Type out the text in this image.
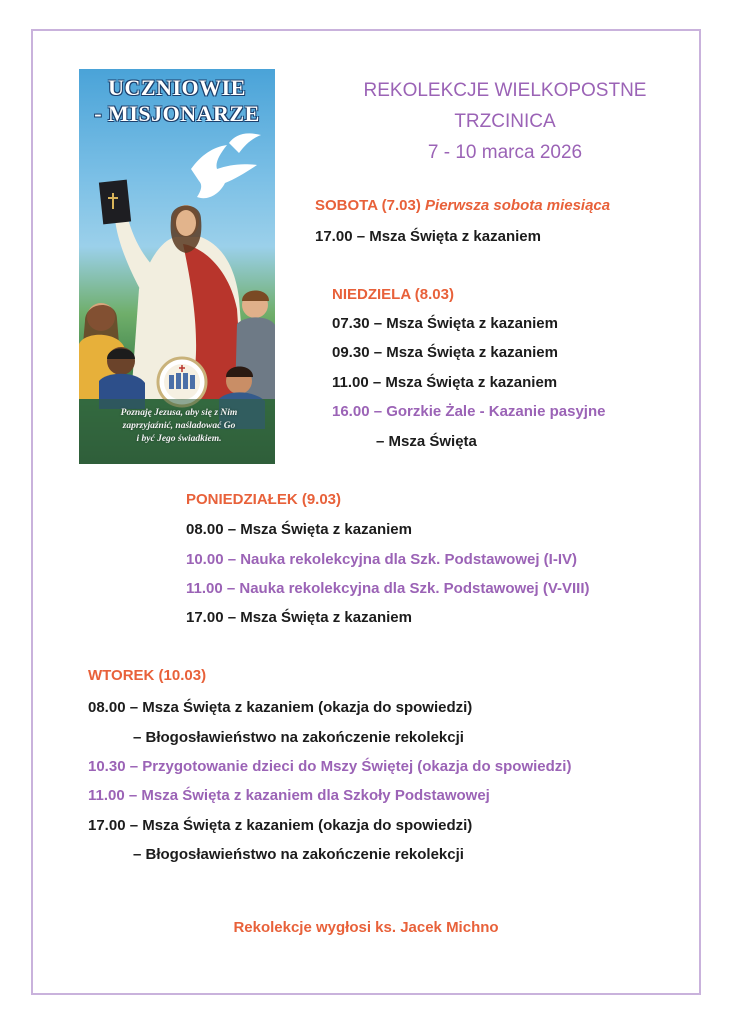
UCZNIOWIE
- MISJONARZE
Poznaję Jezusa, aby się z Nim
zaprzyjaźnić, naśladować Go
i być Jego świadkiem.
REKOLEKCJE WIELKOPOSTNE
TRZCINICA
7 - 10 marca 2026
SOBOTA (7.03) Pierwsza sobota miesiąca
17.00 – Msza Święta z kazaniem
NIEDZIELA (8.03)
07.30 – Msza Święta z kazaniem
09.30 – Msza Święta z kazaniem
11.00 – Msza Święta z kazaniem
16.00 – Gorzkie Żale - Kazanie pasyjne
– Msza Święta
PONIEDZIAŁEK (9.03)
08.00 – Msza Święta z kazaniem
10.00 – Nauka rekolekcyjna dla Szk. Podstawowej (I-IV)
11.00 – Nauka rekolekcyjna dla Szk. Podstawowej (V-VIII)
17.00 – Msza Święta z kazaniem
WTOREK (10.03)
08.00 – Msza Święta z kazaniem (okazja do spowiedzi)
– Błogosławieństwo na zakończenie rekolekcji
10.30 – Przygotowanie dzieci do Mszy Świętej (okazja do spowiedzi)
11.00 – Msza Święta z kazaniem dla Szkoły Podstawowej
17.00 – Msza Święta z kazaniem (okazja do spowiedzi)
– Błogosławieństwo na zakończenie rekolekcji
Rekolekcje wygłosi ks. Jacek Michno
